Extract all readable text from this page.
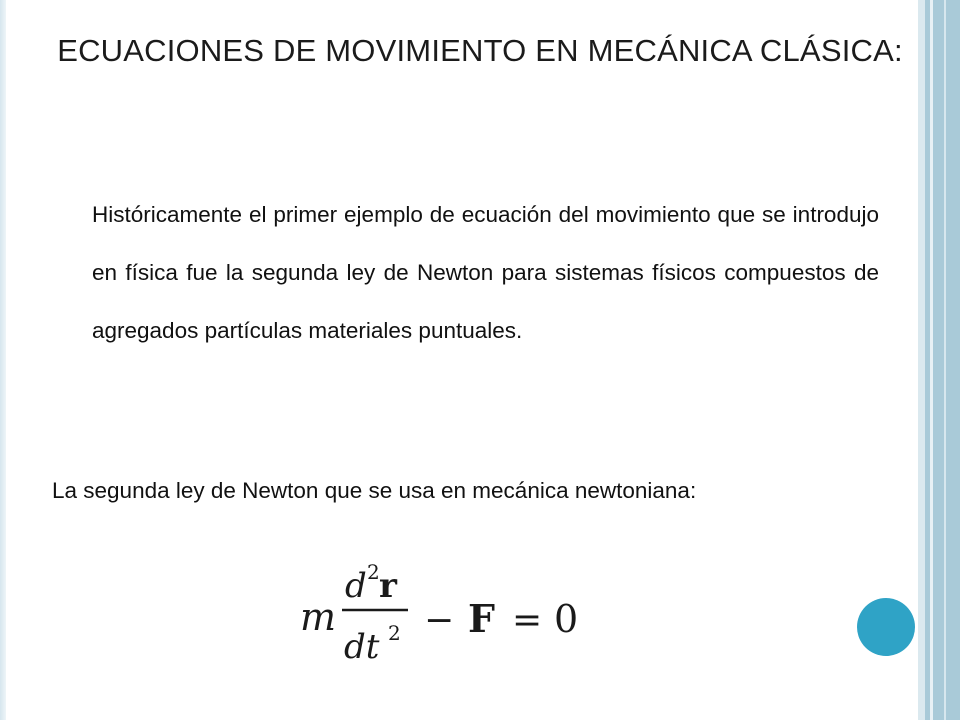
ECUACIONES DE MOVIMIENTO EN MECÁNICA CLÁSICA:
Históricamente el primer ejemplo de ecuación del movimiento que se introdujo en física fue la segunda ley de Newton para sistemas físicos compuestos de agregados partículas materiales puntuales.
La segunda ley de Newton que se usa en mecánica newtoniana:
m
d 2 r
dt 2 − F = 0
